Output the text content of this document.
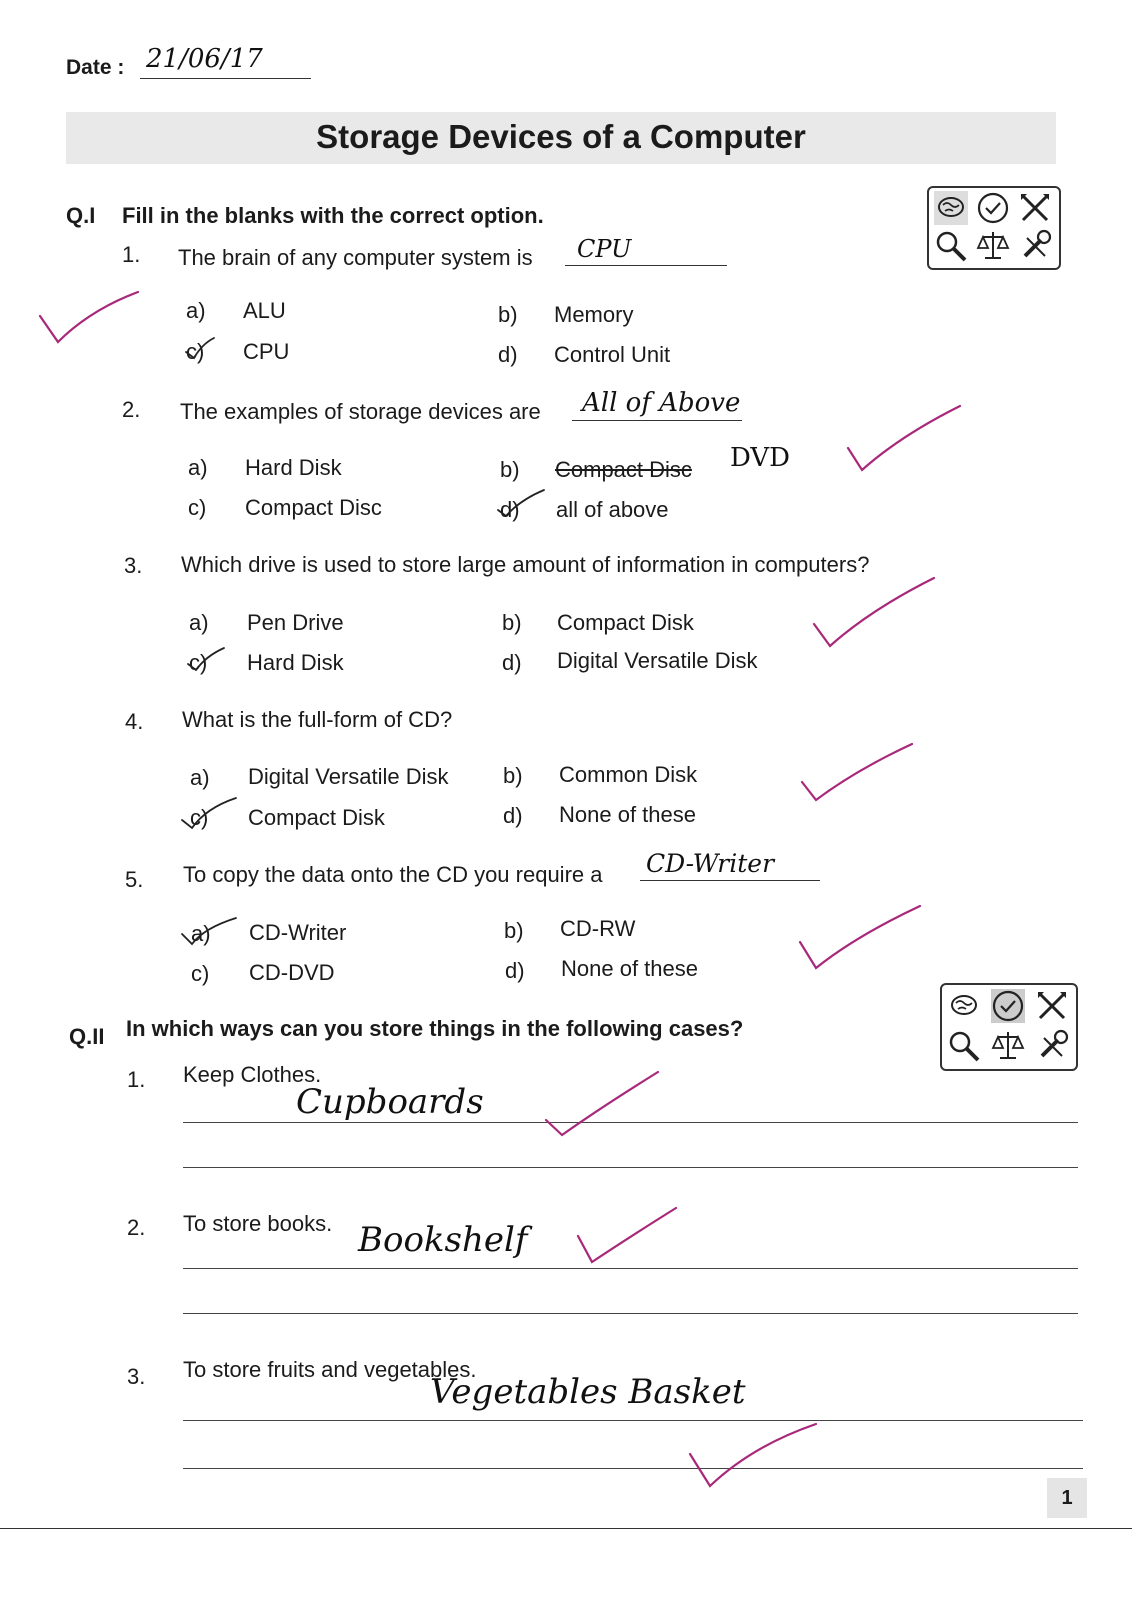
Date : 21/06/17
Storage Devices of a Computer
Q.I Fill in the blanks with the correct option.
1. The brain of any computer system is CPU
a) ALU	b) Memory
c) CPU	d) Control Unit
2. The examples of storage devices are All of Above
a) Hard Disk	b) Compact Disc DVD
c) Compact Disc	d) all of above
3. Which drive is used to store large amount of information in computers?
a) Pen Drive	b) Compact Disk
c) Hard Disk	d) Digital Versatile Disk
4. What is the full-form of CD?
a) Digital Versatile Disk b) Common Disk
c) Compact Disk	d) None of these
5. To copy the data onto the CD you require a CD-Writer
a) CD-Writer	b) CD-RW
c) CD-DVD	d) None of these
Q.II In which ways can you store things in the following cases?
1. Keep Clothes.
Cupboards
2. To store books. Bookshelf
3. To store fruits and vegetables.
Vegetables Basket
1
